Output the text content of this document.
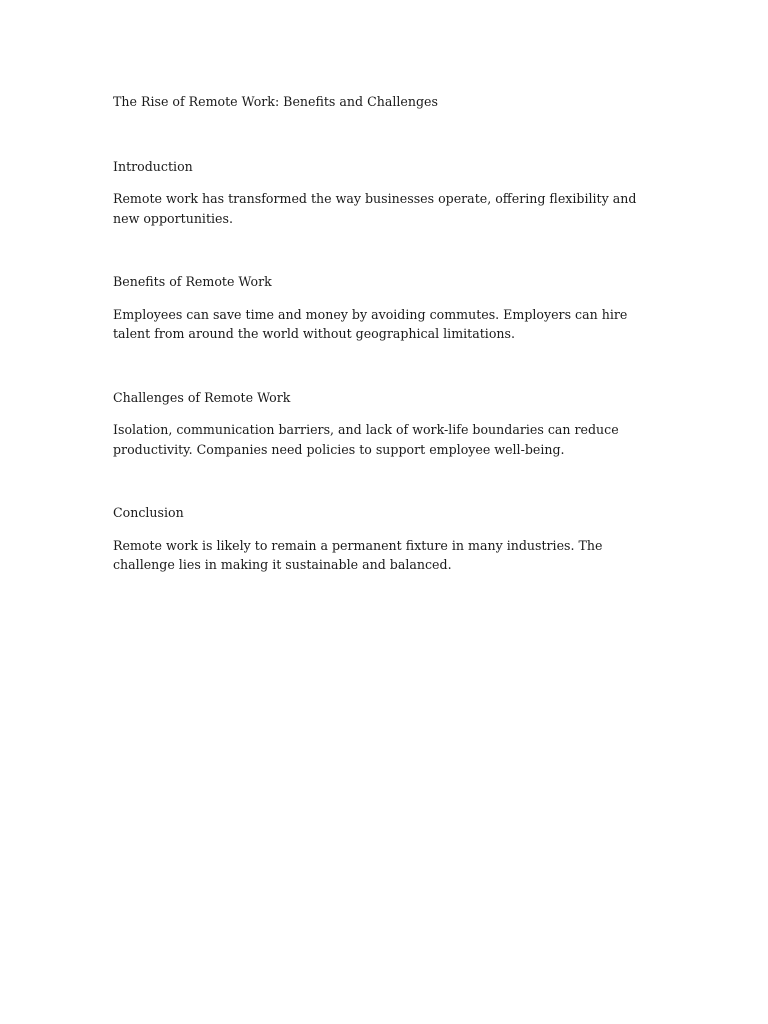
The Rise of Remote Work: Benefits and Challenges

Introduction

Remote work has transformed the way businesses operate, offering flexibility and new opportunities.

Benefits of Remote Work

Employees can save time and money by avoiding commutes. Employers can hire talent from around the world without geographical limitations.

Challenges of Remote Work

Isolation, communication barriers, and lack of work-life boundaries can reduce productivity. Companies need policies to support employee well-being.

Conclusion

Remote work is likely to remain a permanent fixture in many industries. The challenge lies in making it sustainable and balanced.
